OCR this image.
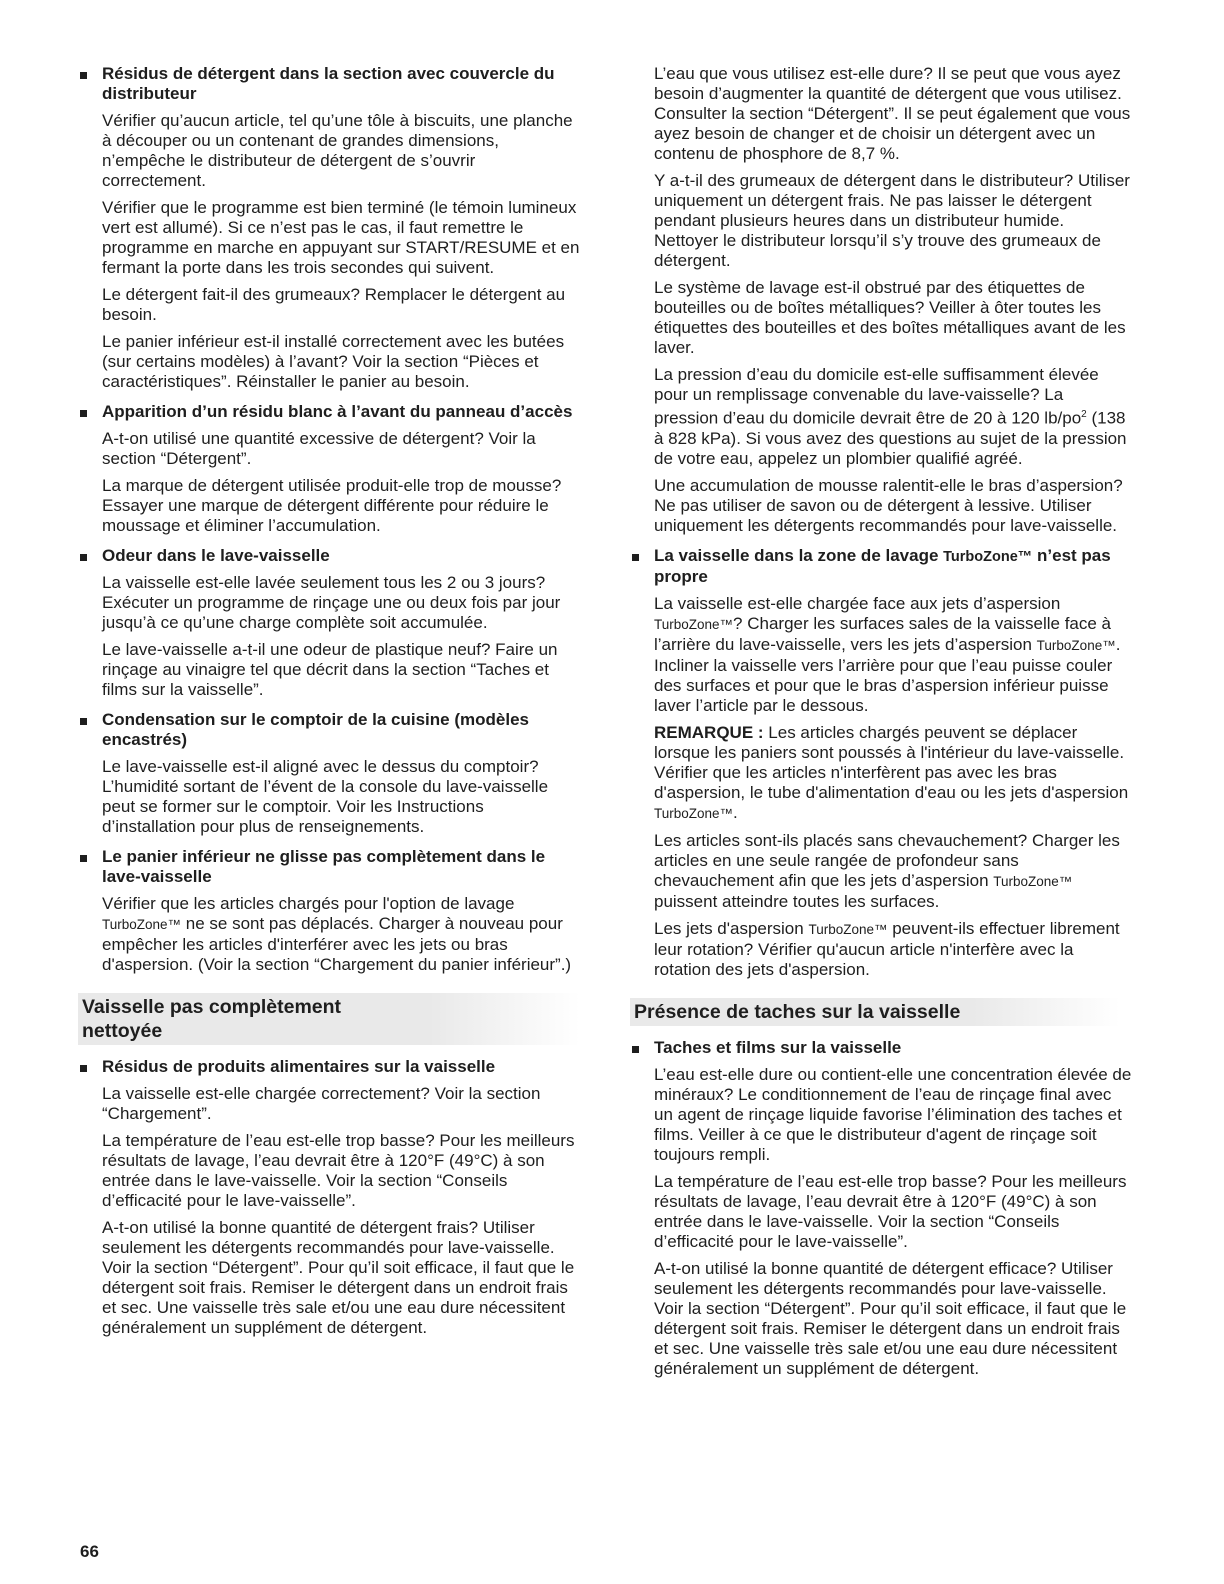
Résidus de détergent dans la section avec couvercle du distributeur

Vérifier qu’aucun article, tel qu’une tôle à biscuits, une planche à découper ou un contenant de grandes dimensions, n’empêche le distributeur de détergent de s’ouvrir correctement.

Vérifier que le programme est bien terminé (le témoin lumineux vert est allumé). Si ce n’est pas le cas, il faut remettre le programme en marche en appuyant sur START/RESUME et en fermant la porte dans les trois secondes qui suivent.

Le détergent fait-il des grumeaux? Remplacer le détergent au besoin.

Le panier inférieur est-il installé correctement avec les butées (sur certains modèles) à l’avant? Voir la section “Pièces et caractéristiques”. Réinstaller le panier au besoin.

Apparition d’un résidu blanc à l’avant du panneau d’accès

A-t-on utilisé une quantité excessive de détergent? Voir la section “Détergent”.

La marque de détergent utilisée produit-elle trop de mousse? Essayer une marque de détergent différente pour réduire le moussage et éliminer l’accumulation.

Odeur dans le lave-vaisselle

La vaisselle est-elle lavée seulement tous les 2 ou 3 jours? Exécuter un programme de rinçage une ou deux fois par jour jusqu’à ce qu’une charge complète soit accumulée.

Le lave-vaisselle a-t-il une odeur de plastique neuf? Faire un rinçage au vinaigre tel que décrit dans la section “Taches et films sur la vaisselle”.

Condensation sur le comptoir de la cuisine (modèles encastrés)

Le lave-vaisselle est-il aligné avec le dessus du comptoir? L’humidité sortant de l’évent de la console du lave-vaisselle peut se former sur le comptoir. Voir les Instructions d’installation pour plus de renseignements.

Le panier inférieur ne glisse pas complètement dans le lave-vaisselle

Vérifier que les articles chargés pour l'option de lavage TurboZone™ ne se sont pas déplacés. Charger à nouveau pour empêcher les articles d'interférer avec les jets ou bras d'aspersion. (Voir la section “Chargement du panier inférieur”.)

Vaisselle pas complètement nettoyée

Résidus de produits alimentaires sur la vaisselle

La vaisselle est-elle chargée correctement? Voir la section “Chargement”.

La température de l’eau est-elle trop basse? Pour les meilleurs résultats de lavage, l’eau devrait être à 120°F (49°C) à son entrée dans le lave-vaisselle. Voir la section “Conseils d’efficacité pour le lave-vaisselle”.

A-t-on utilisé la bonne quantité de détergent frais? Utiliser seulement les détergents recommandés pour lave-vaisselle. Voir la section “Détergent”. Pour qu’il soit efficace, il faut que le détergent soit frais. Remiser le détergent dans un endroit frais et sec. Une vaisselle très sale et/ou une eau dure nécessitent généralement un supplément de détergent.

L’eau que vous utilisez est-elle dure? Il se peut que vous ayez besoin d’augmenter la quantité de détergent que vous utilisez. Consulter la section “Détergent”. Il se peut également que vous ayez besoin de changer et de choisir un détergent avec un contenu de phosphore de 8,7 %.

Y a-t-il des grumeaux de détergent dans le distributeur? Utiliser uniquement un détergent frais. Ne pas laisser le détergent pendant plusieurs heures dans un distributeur humide. Nettoyer le distributeur lorsqu’il s’y trouve des grumeaux de détergent.

Le système de lavage est-il obstrué par des étiquettes de bouteilles ou de boîtes métalliques? Veiller à ôter toutes les étiquettes des bouteilles et des boîtes métalliques avant de les laver.

La pression d’eau du domicile est-elle suffisamment élevée pour un remplissage convenable du lave-vaisselle? La pression d’eau du domicile devrait être de 20 à 120 $lb/po^2$ (138 à 828 kPa). Si vous avez des questions au sujet de la pression de votre eau, appelez un plombier qualifié agréé.

Une accumulation de mousse ralentit-elle le bras d’aspersion? Ne pas utiliser de savon ou de détergent à lessive. Utiliser uniquement les détergents recommandés pour lave-vaisselle.

La vaisselle dans la zone de lavage TurboZone™ n’est pas propre

La vaisselle est-elle chargée face aux jets d’aspersion TurboZone™? Charger les surfaces sales de la vaisselle face à l’arrière du lave-vaisselle, vers les jets d’aspersion TurboZone™. Incliner la vaisselle vers l’arrière pour que l’eau puisse couler des surfaces et pour que le bras d’aspersion inférieur puisse laver l’article par le dessous.

REMARQUE : Les articles chargés peuvent se déplacer lorsque les paniers sont poussés à l'intérieur du lave-vaisselle. Vérifier que les articles n'interfèrent pas avec les bras d'aspersion, le tube d'alimentation d'eau ou les jets d'aspersion TurboZone™.

Les articles sont-ils placés sans chevauchement? Charger les articles en une seule rangée de profondeur sans chevauchement afin que les jets d’aspersion TurboZone™ puissent atteindre toutes les surfaces.

Les jets d'aspersion TurboZone™ peuvent-ils effectuer librement leur rotation? Vérifier qu'aucun article n'interfère avec la rotation des jets d'aspersion.

Présence de taches sur la vaisselle

Taches et films sur la vaisselle

L’eau est-elle dure ou contient-elle une concentration élevée de minéraux? Le conditionnement de l’eau de rinçage final avec un agent de rinçage liquide favorise l’élimination des taches et films. Veiller à ce que le distributeur d'agent de rinçage soit toujours rempli.

La température de l’eau est-elle trop basse? Pour les meilleurs résultats de lavage, l’eau devrait être à 120°F (49°C) à son entrée dans le lave-vaisselle. Voir la section “Conseils d’efficacité pour le lave-vaisselle”.

A-t-on utilisé la bonne quantité de détergent efficace? Utiliser seulement les détergents recommandés pour lave-vaisselle. Voir la section “Détergent”. Pour qu’il soit efficace, il faut que le détergent soit frais. Remiser le détergent dans un endroit frais et sec. Une vaisselle très sale et/ou une eau dure nécessitent généralement un supplément de détergent.

66
